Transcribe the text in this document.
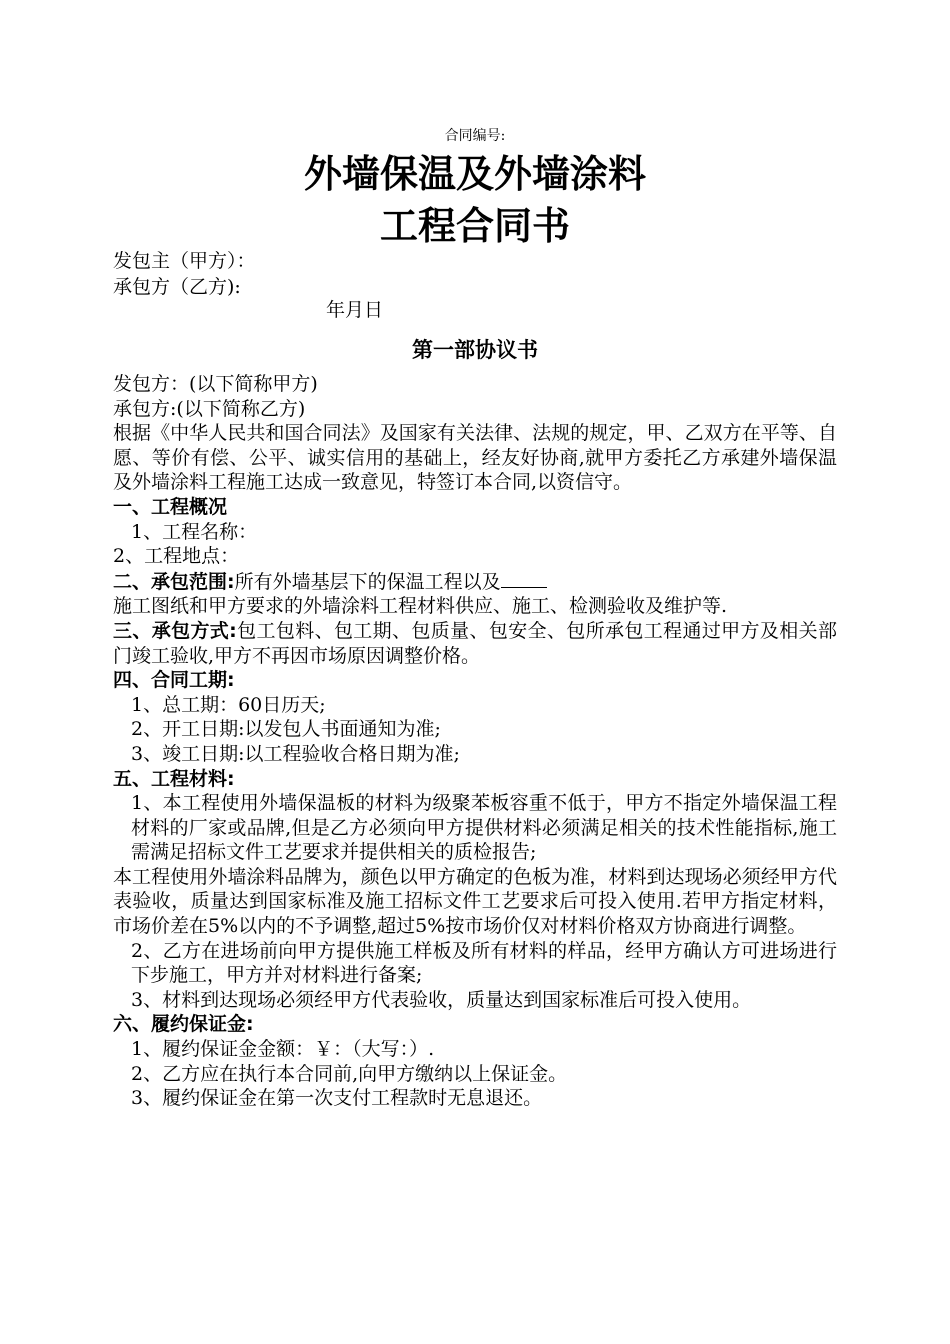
合同编号:
外墙保温及外墙涂料
工程合同书
发包主（甲方）：
承包方（乙方):
年月日
第一部协议书

发包方：(以下简称甲方)

承包方:(以下简称乙方)

根据《中华人民共和国合同法》及国家有关法律、法规的规定，甲、乙双方在平等、自愿、等价有偿、公平、诚实信用的基础上，经友好协商,就甲方委托乙方承建外墙保温及外墙涂料工程施工达成一致意见，特签订本合同,以资信守。

一、工程概况

1、工程名称：

2、工程地点：

二、承包范围:所有外墙基层下的保温工程以及

施工图纸和甲方要求的外墙涂料工程材料供应、施工、检测验收及维护等.

三、承包方式:包工包料、包工期、包质量、包安全、包所承包工程通过甲方及相关部门竣工验收,甲方不再因市场原因调整价格。

四、合同工期:

1、总工期：60日历天;

2、开工日期:以发包人书面通知为准;

3、竣工日期:以工程验收合格日期为准;

五、工程材料:

1、本工程使用外墙保温板的材料为级聚苯板容重不低于，甲方不指定外墙保温工程材料的厂家或品牌,但是乙方必须向甲方提供材料必须满足相关的技术性能指标,施工需满足招标文件工艺要求并提供相关的质检报告;

本工程使用外墙涂料品牌为，颜色以甲方确定的色板为准，材料到达现场必须经甲方代表验收，质量达到国家标准及施工招标文件工艺要求后可投入使用.若甲方指定材料，市场价差在5%以内的不予调整,超过5%按市场价仅对材料价格双方协商进行调整。

2、乙方在进场前向甲方提供施工样板及所有材料的样品，经甲方确认方可进场进行下步施工，甲方并对材料进行备案;

3、材料到达现场必须经甲方代表验收，质量达到国家标准后可投入使用。

六、履约保证金:

1、履约保证金金额：￥：（大写：）.

2、乙方应在执行本合同前,向甲方缴纳以上保证金。

3、履约保证金在第一次支付工程款时无息退还。
